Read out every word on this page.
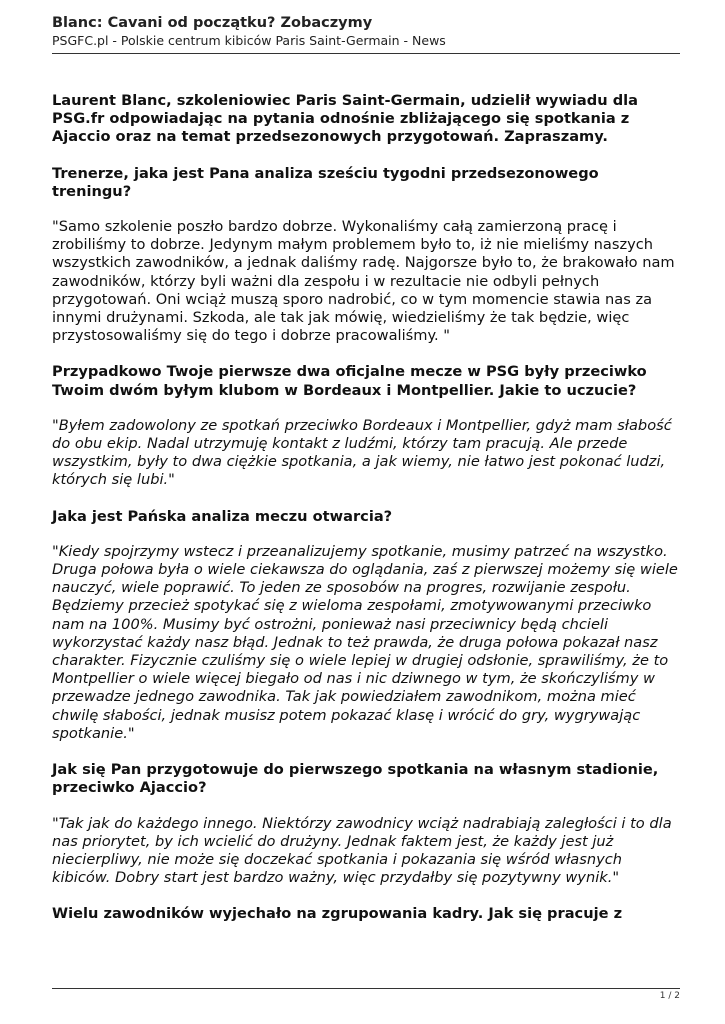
Blanc: Cavani od początku? Zobaczymy
PSGFC.pl - Polskie centrum kibiców Paris Saint-Germain - News

Laurent Blanc, szkoleniowiec Paris Saint-Germain, udzielił wywiadu dla PSG.fr odpowiadając na pytania odnośnie zbliżającego się spotkania z Ajaccio oraz na temat przedsezonowych przygotowań. Zapraszamy.

Trenerze, jaka jest Pana analiza sześciu tygodni przedsezonowego treningu?

"Samo szkolenie poszło bardzo dobrze. Wykonaliśmy całą zamierzoną pracę i zrobiliśmy to dobrze. Jedynym małym problemem było to, iż nie mieliśmy naszych wszystkich zawodników, a jednak daliśmy radę. Najgorsze było to, że brakowało nam zawodników, którzy byli ważni dla zespołu i w rezultacie nie odbyli pełnych przygotowań. Oni wciąż muszą sporo nadrobić, co w tym momencie stawia nas za innymi drużynami. Szkoda, ale tak jak mówię, wiedzieliśmy że tak będzie, więc przystosowaliśmy się do tego i dobrze pracowaliśmy. "

Przypadkowo Twoje pierwsze dwa oficjalne mecze w PSG były przeciwko Twoim dwóm byłym klubom w Bordeaux i Montpellier. Jakie to uczucie?

"Byłem zadowolony ze spotkań przeciwko Bordeaux i Montpellier, gdyż mam słabość do obu ekip. Nadal utrzymuję kontakt z ludźmi, którzy tam pracują. Ale przede wszystkim, były to dwa ciężkie spotkania, a jak wiemy, nie łatwo jest pokonać ludzi, których się lubi."

Jaka jest Pańska analiza meczu otwarcia?

"Kiedy spojrzymy wstecz i przeanalizujemy spotkanie, musimy patrzeć na wszystko. Druga połowa była o wiele ciekawsza do oglądania, zaś z pierwszej możemy się wiele nauczyć, wiele poprawić. To jeden ze sposobów na progres, rozwijanie zespołu. Będziemy przecież spotykać się z wieloma zespołami, zmotywowanymi przeciwko nam na 100%. Musimy być ostrożni, ponieważ nasi przeciwnicy będą chcieli wykorzystać każdy nasz błąd. Jednak to też prawda, że druga połowa pokazał nasz charakter. Fizycznie czuliśmy się o wiele lepiej w drugiej odsłonie, sprawiliśmy, że to Montpellier o wiele więcej biegało od nas i nic dziwnego w tym, że skończyliśmy w przewadze jednego zawodnika. Tak jak powiedziałem zawodnikom, można mieć chwilę słabości, jednak musisz potem pokazać klasę i wrócić do gry, wygrywając spotkanie."

Jak się Pan przygotowuje do pierwszego spotkania na własnym stadionie, przeciwko Ajaccio?

"Tak jak do każdego innego. Niektórzy zawodnicy wciąż nadrabiają zaległości i to dla nas priorytet, by ich wcielić do drużyny. Jednak faktem jest, że każdy jest już niecierpliwy, nie może się doczekać spotkania i pokazania się wśród własnych kibiców. Dobry start jest bardzo ważny, więc przydałby się pozytywny wynik."

Wielu zawodników wyjechało na zgrupowania kadry. Jak się pracuje z

1 / 2
